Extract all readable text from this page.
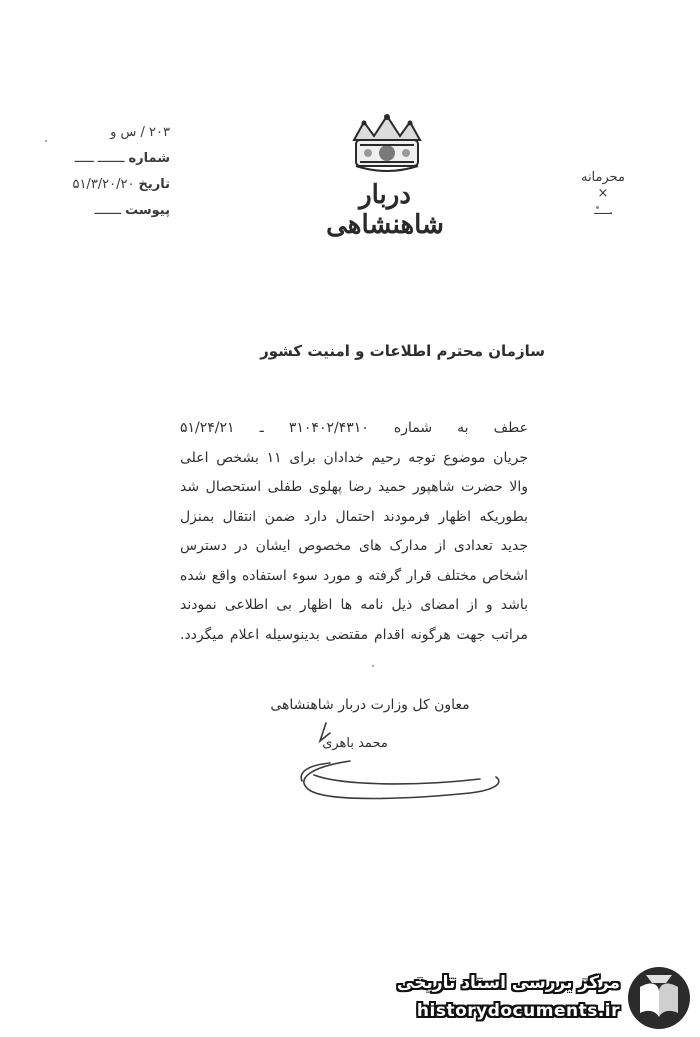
۲۰۳ / س و
شماره
ـــــــ ـــــ
تاریخ
۵۱/۳/۲۰/۲۰
پیوست
ـــــــ
دربار شاهنشاهی
محرمانه
×
ـــــ
سازمان محترم اطلاعات و امنیت کشور
عطف به شماره ۳۱۰۴۰۲/۴۳۱۰ ـ ۵۱/۲۴/۲۱
جریان موضوع توجه رحیم خدادان برای ۱۱ بشخص اعلی
والا حضرت شاهپور حمید رضا پهلوی طفلی استحصال شد
بطوریکه اظهار فرمودند احتمال دارد ضمن انتقال بمنزل
جدید تعدادی از مدارک های مخصوص ایشان در دسترس
اشخاص مختلف قرار گرفته و مورد سوء استفاده واقع شده
باشد و از امضای ذیل نامه ها اظهار بی اطلاعی نمودند
مراتب جهت هرگونه اقدام مقتضی بدینوسیله اعلام میگردد.
معاون کل وزارت دربار شاهنشاهی
محمد باهری
مرکز بررسی اسناد تاریخی
historydocuments.ir
